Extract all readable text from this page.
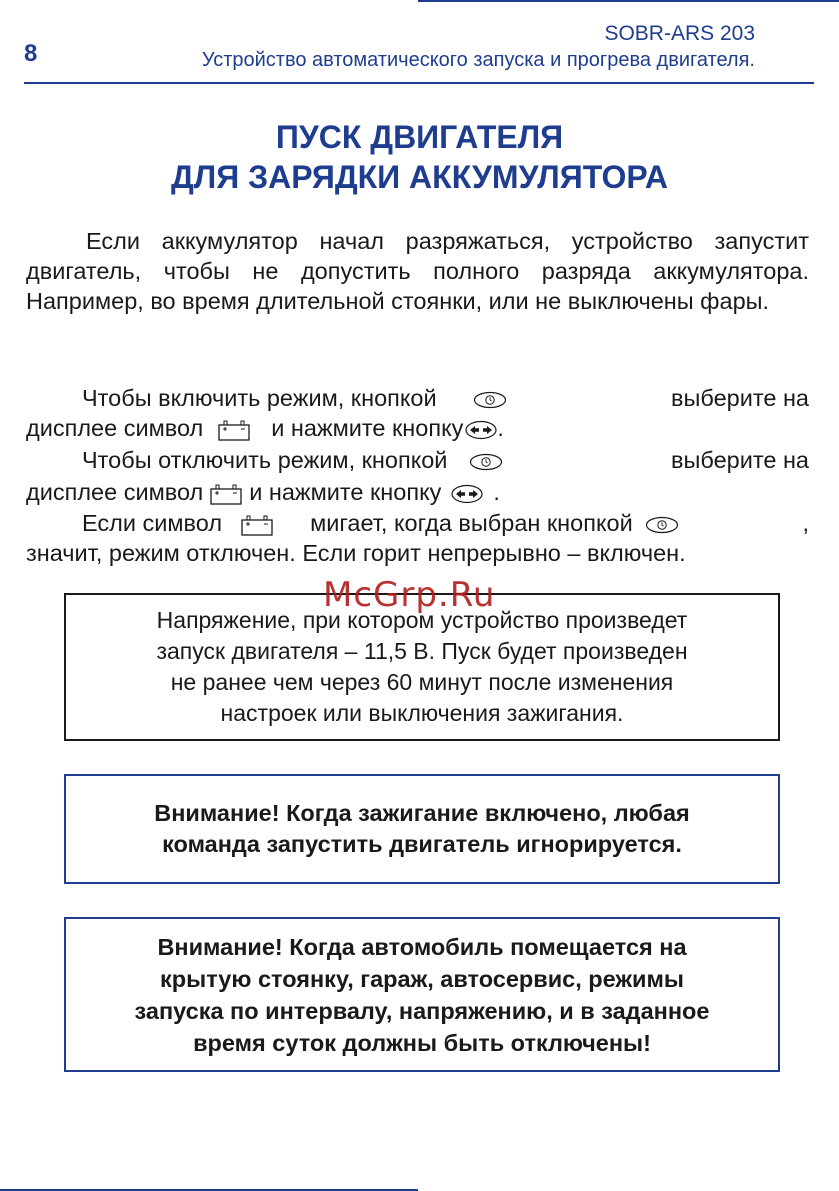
8
SOBR-ARS 203
Устройство автоматического запуска и прогрева двигателя.
ПУСК ДВИГАТЕЛЯ
ДЛЯ ЗАРЯДКИ АККУМУЛЯТОРА
Если аккумулятор начал разряжаться, устройство запустит двигатель, чтобы не допустить полного разряда аккумулятора. Например, во время длительной стоянки, или не выключены фары.
Чтобы включить режим, кнопкой	выберите на
дисплее символ	и нажмите кнопку .
Чтобы отключить режим, кнопкой	выберите на
дисплее символ и нажмите кнопку .
Если символ	мигает, когда выбран кнопкой	,
значит, режим отключен. Если горит непрерывно – включен.
Напряжение, при котором устройство произведет
запуск двигателя – 11,5 В. Пуск будет произведен
не ранее чем через 60 минут после изменения
настроек или выключения зажигания.
McGrp.Ru
Внимание! Когда зажигание включено, любая
команда запустить двигатель игнорируется.
Внимание! Когда автомобиль помещается на
крытую стоянку, гараж, автосервис, режимы
запуска по интервалу, напряжению, и в заданное
время суток должны быть отключены!
